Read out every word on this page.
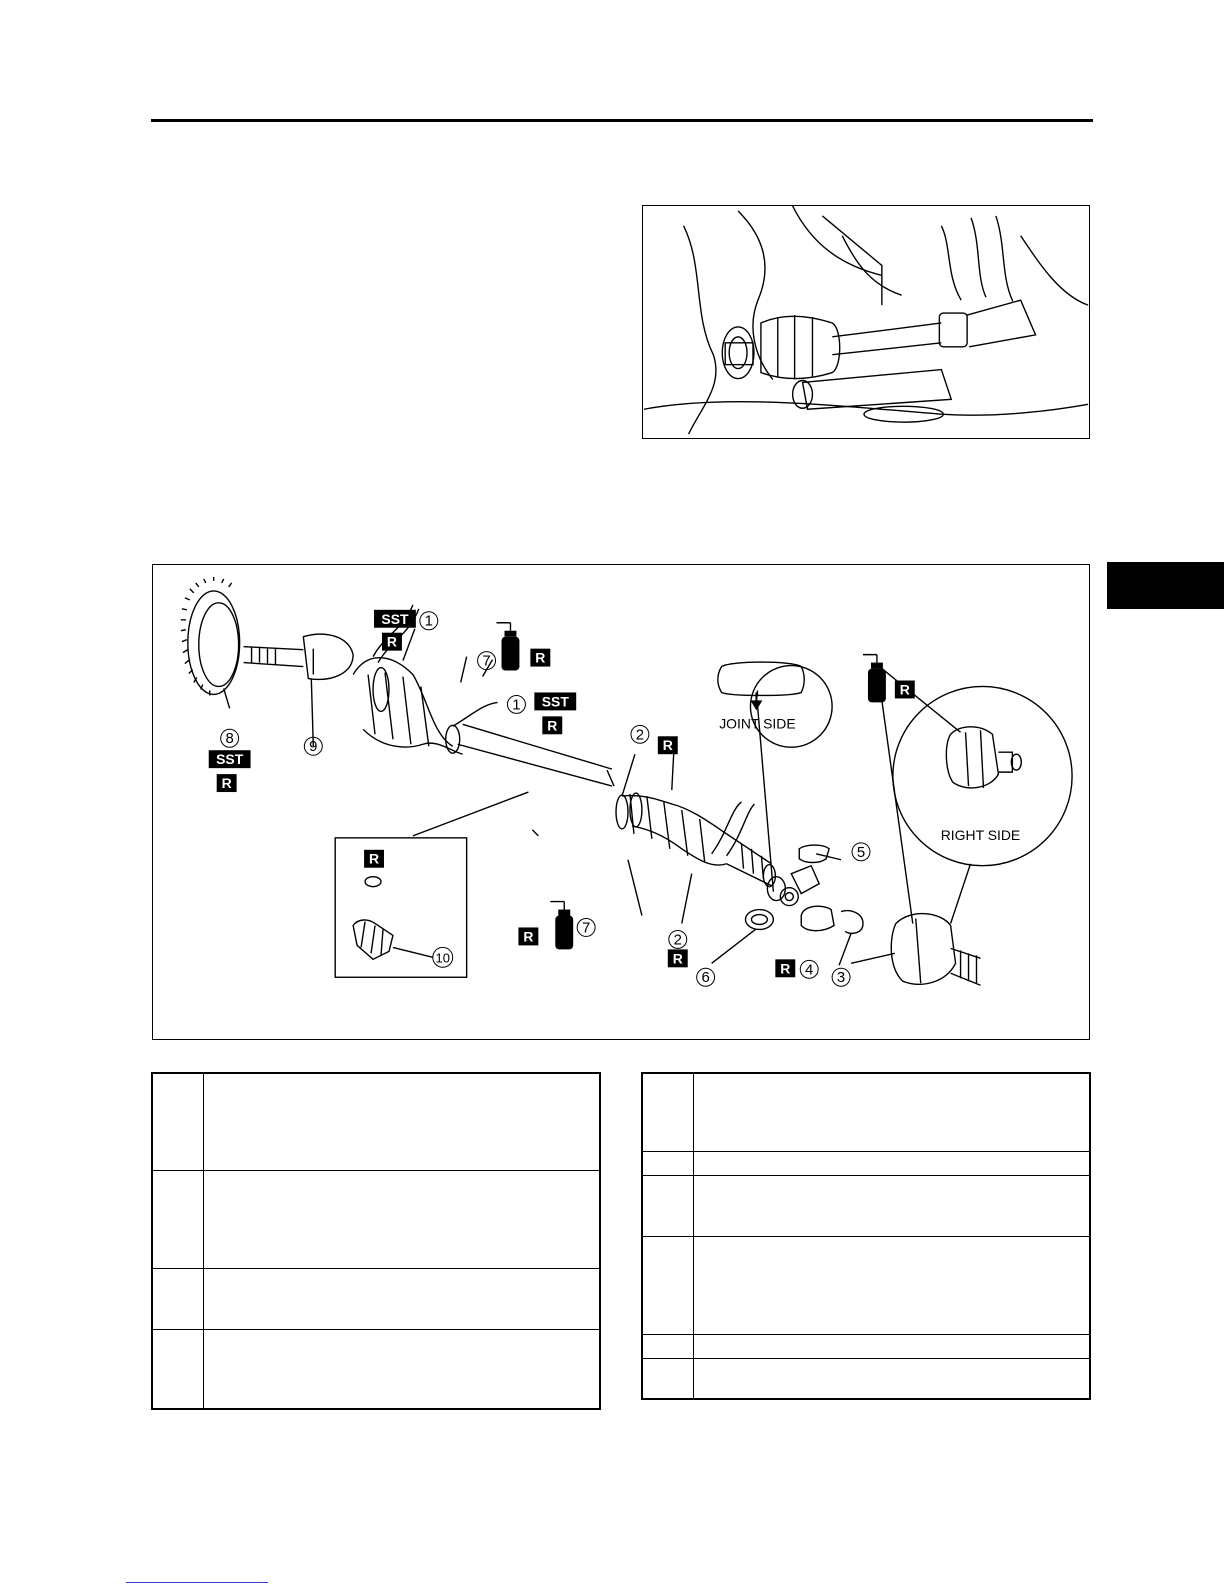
SST
R
SST
R
R
R
SST
R
R
R
R
R
R
1
7
1
2
8	9
7
2
5
6	4 3
10
JOINT SIDE
RIGHT SIDE
